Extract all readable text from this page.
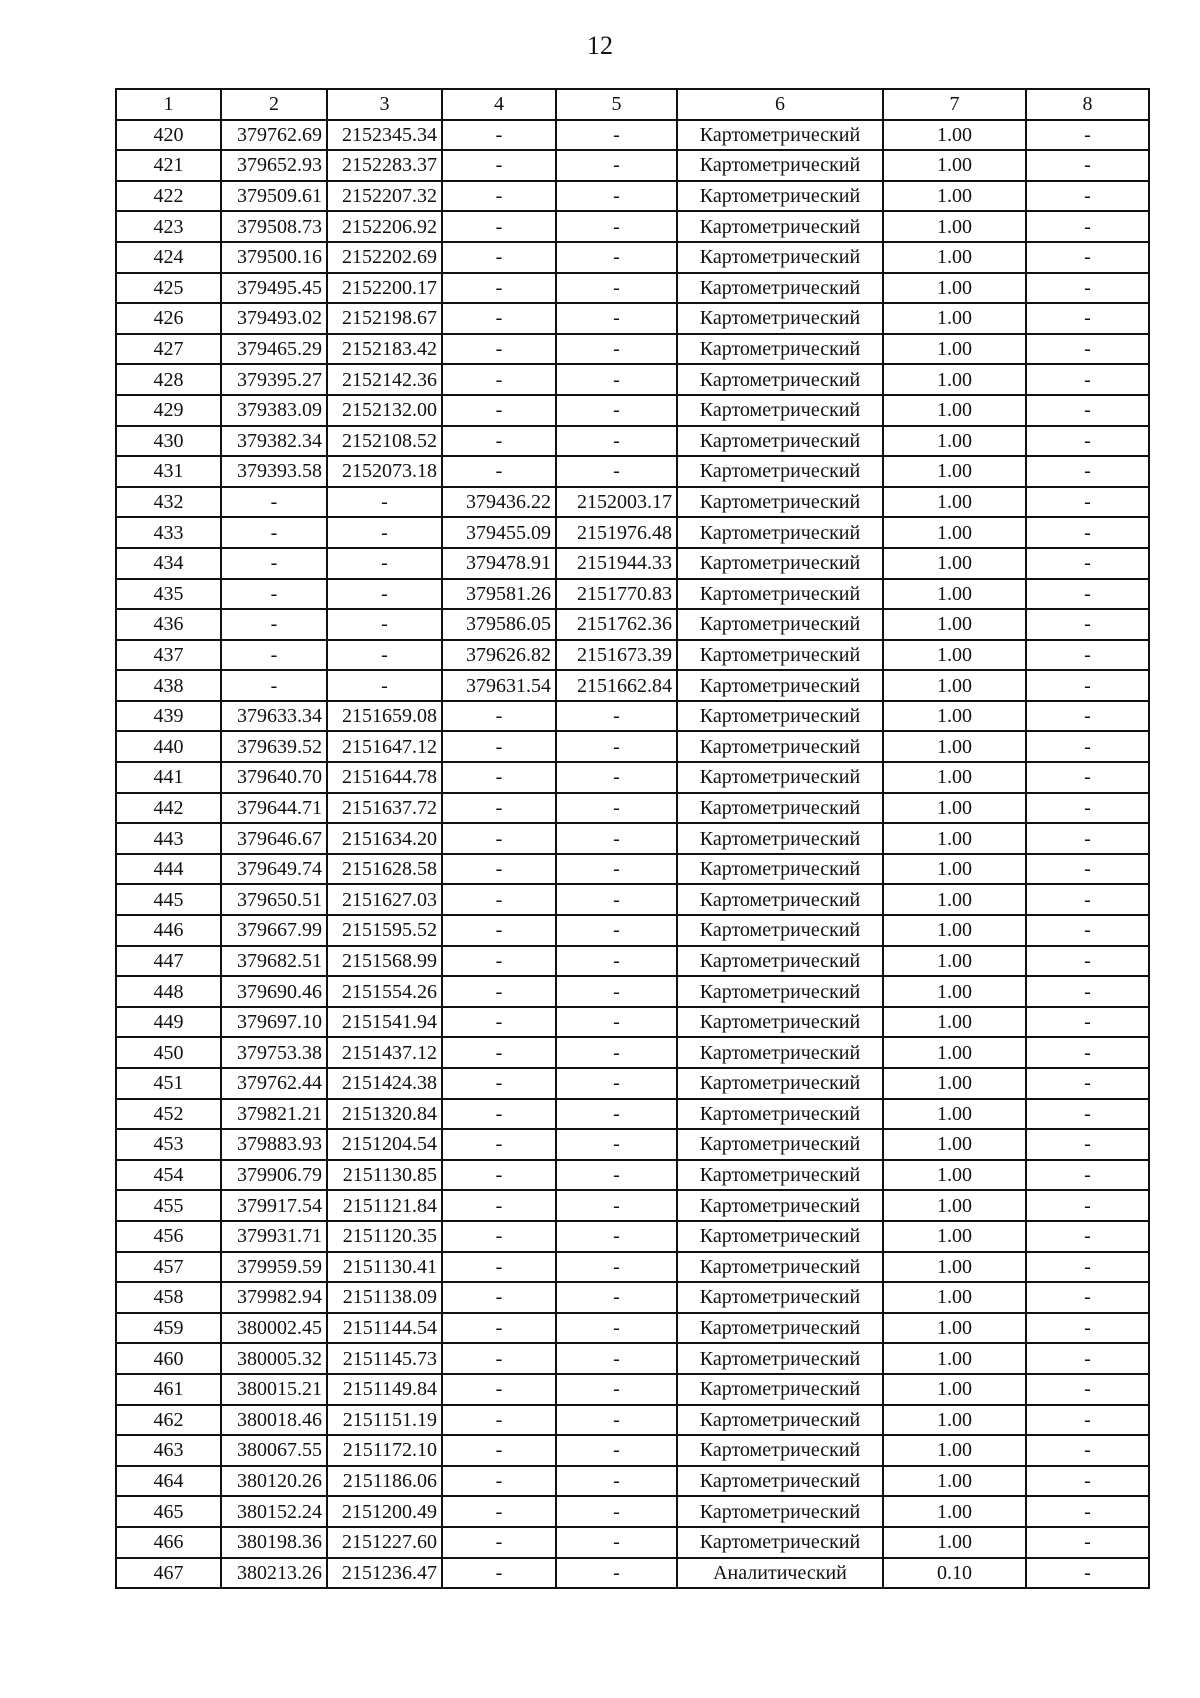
12
1	2	3	4	5	6	7	8
420	379762.69	2152345.34	-	-	Картометрический	1.00	-
421	379652.93	2152283.37	-	-	Картометрический	1.00	-
422	379509.61	2152207.32	-	-	Картометрический	1.00	-
423	379508.73	2152206.92	-	-	Картометрический	1.00	-
424	379500.16	2152202.69	-	-	Картометрический	1.00	-
425	379495.45	2152200.17	-	-	Картометрический	1.00	-
426	379493.02	2152198.67	-	-	Картометрический	1.00	-
427	379465.29	2152183.42	-	-	Картометрический	1.00	-
428	379395.27	2152142.36	-	-	Картометрический	1.00	-
429	379383.09	2152132.00	-	-	Картометрический	1.00	-
430	379382.34	2152108.52	-	-	Картометрический	1.00	-
431	379393.58	2152073.18	-	-	Картометрический	1.00	-
432	-	-	379436.22	2152003.17	Картометрический	1.00	-
433	-	-	379455.09	2151976.48	Картометрический	1.00	-
434	-	-	379478.91	2151944.33	Картометрический	1.00	-
435	-	-	379581.26	2151770.83	Картометрический	1.00	-
436	-	-	379586.05	2151762.36	Картометрический	1.00	-
437	-	-	379626.82	2151673.39	Картометрический	1.00	-
438	-	-	379631.54	2151662.84	Картометрический	1.00	-
439	379633.34	2151659.08	-	-	Картометрический	1.00	-
440	379639.52	2151647.12	-	-	Картометрический	1.00	-
441	379640.70	2151644.78	-	-	Картометрический	1.00	-
442	379644.71	2151637.72	-	-	Картометрический	1.00	-
443	379646.67	2151634.20	-	-	Картометрический	1.00	-
444	379649.74	2151628.58	-	-	Картометрический	1.00	-
445	379650.51	2151627.03	-	-	Картометрический	1.00	-
446	379667.99	2151595.52	-	-	Картометрический	1.00	-
447	379682.51	2151568.99	-	-	Картометрический	1.00	-
448	379690.46	2151554.26	-	-	Картометрический	1.00	-
449	379697.10	2151541.94	-	-	Картометрический	1.00	-
450	379753.38	2151437.12	-	-	Картометрический	1.00	-
451	379762.44	2151424.38	-	-	Картометрический	1.00	-
452	379821.21	2151320.84	-	-	Картометрический	1.00	-
453	379883.93	2151204.54	-	-	Картометрический	1.00	-
454	379906.79	2151130.85	-	-	Картометрический	1.00	-
455	379917.54	2151121.84	-	-	Картометрический	1.00	-
456	379931.71	2151120.35	-	-	Картометрический	1.00	-
457	379959.59	2151130.41	-	-	Картометрический	1.00	-
458	379982.94	2151138.09	-	-	Картометрический	1.00	-
459	380002.45	2151144.54	-	-	Картометрический	1.00	-
460	380005.32	2151145.73	-	-	Картометрический	1.00	-
461	380015.21	2151149.84	-	-	Картометрический	1.00	-
462	380018.46	2151151.19	-	-	Картометрический	1.00	-
463	380067.55	2151172.10	-	-	Картометрический	1.00	-
464	380120.26	2151186.06	-	-	Картометрический	1.00	-
465	380152.24	2151200.49	-	-	Картометрический	1.00	-
466	380198.36	2151227.60	-	-	Картометрический	1.00	-
467	380213.26	2151236.47	-	-	Аналитический	0.10	-
